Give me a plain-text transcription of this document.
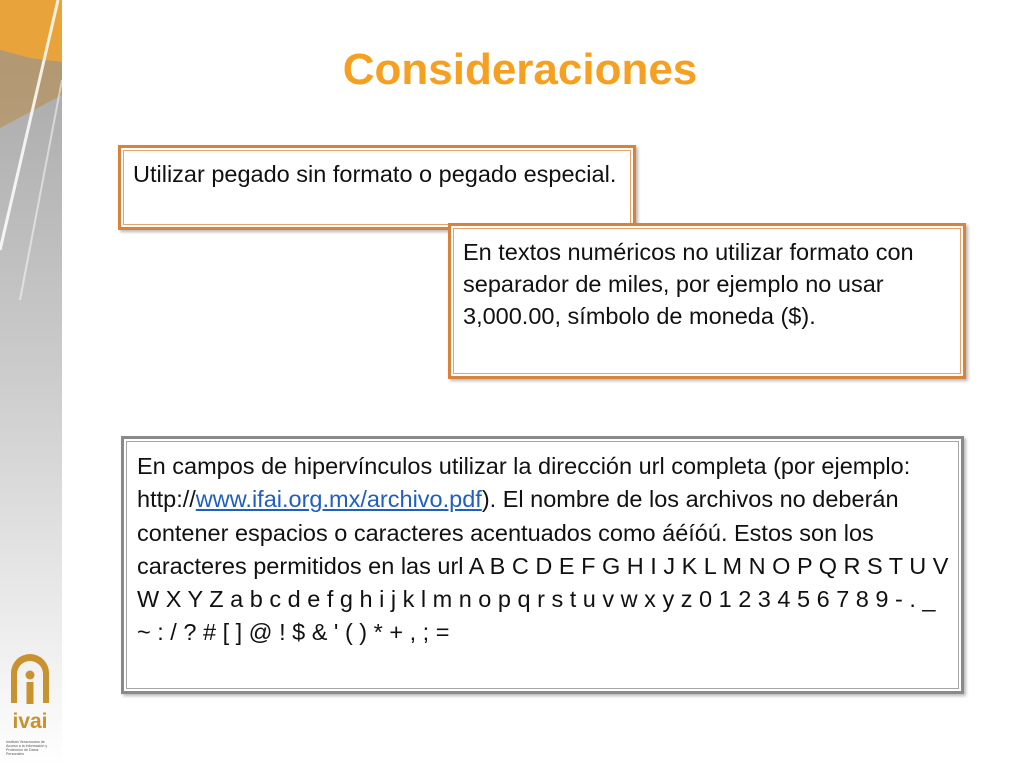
Consideraciones
Utilizar pegado sin formato o pegado especial.
En textos numéricos no utilizar formato con separador de miles, por ejemplo no usar 3,000.00, símbolo de moneda ($).
En campos de hipervínculos utilizar la dirección url completa (por ejemplo: http://www.ifai.org.mx/archivo.pdf). El nombre de los archivos no deberán contener espacios o caracteres acentuados como áéíóú. Estos son los caracteres permitidos en las url A B C D E F G H I J K L M N O P Q R S T U V W X Y Z a b c d e f g h i j k l m n o p q r s t u v w x y z 0 1 2 3 4 5 6 7 8 9 - . _ ~ : / ? # [ ] @ ! $ & ' ( ) * + , ; =
ivai
Instituto Veracruzano de Acceso a la Información y Protección de Datos Personales
